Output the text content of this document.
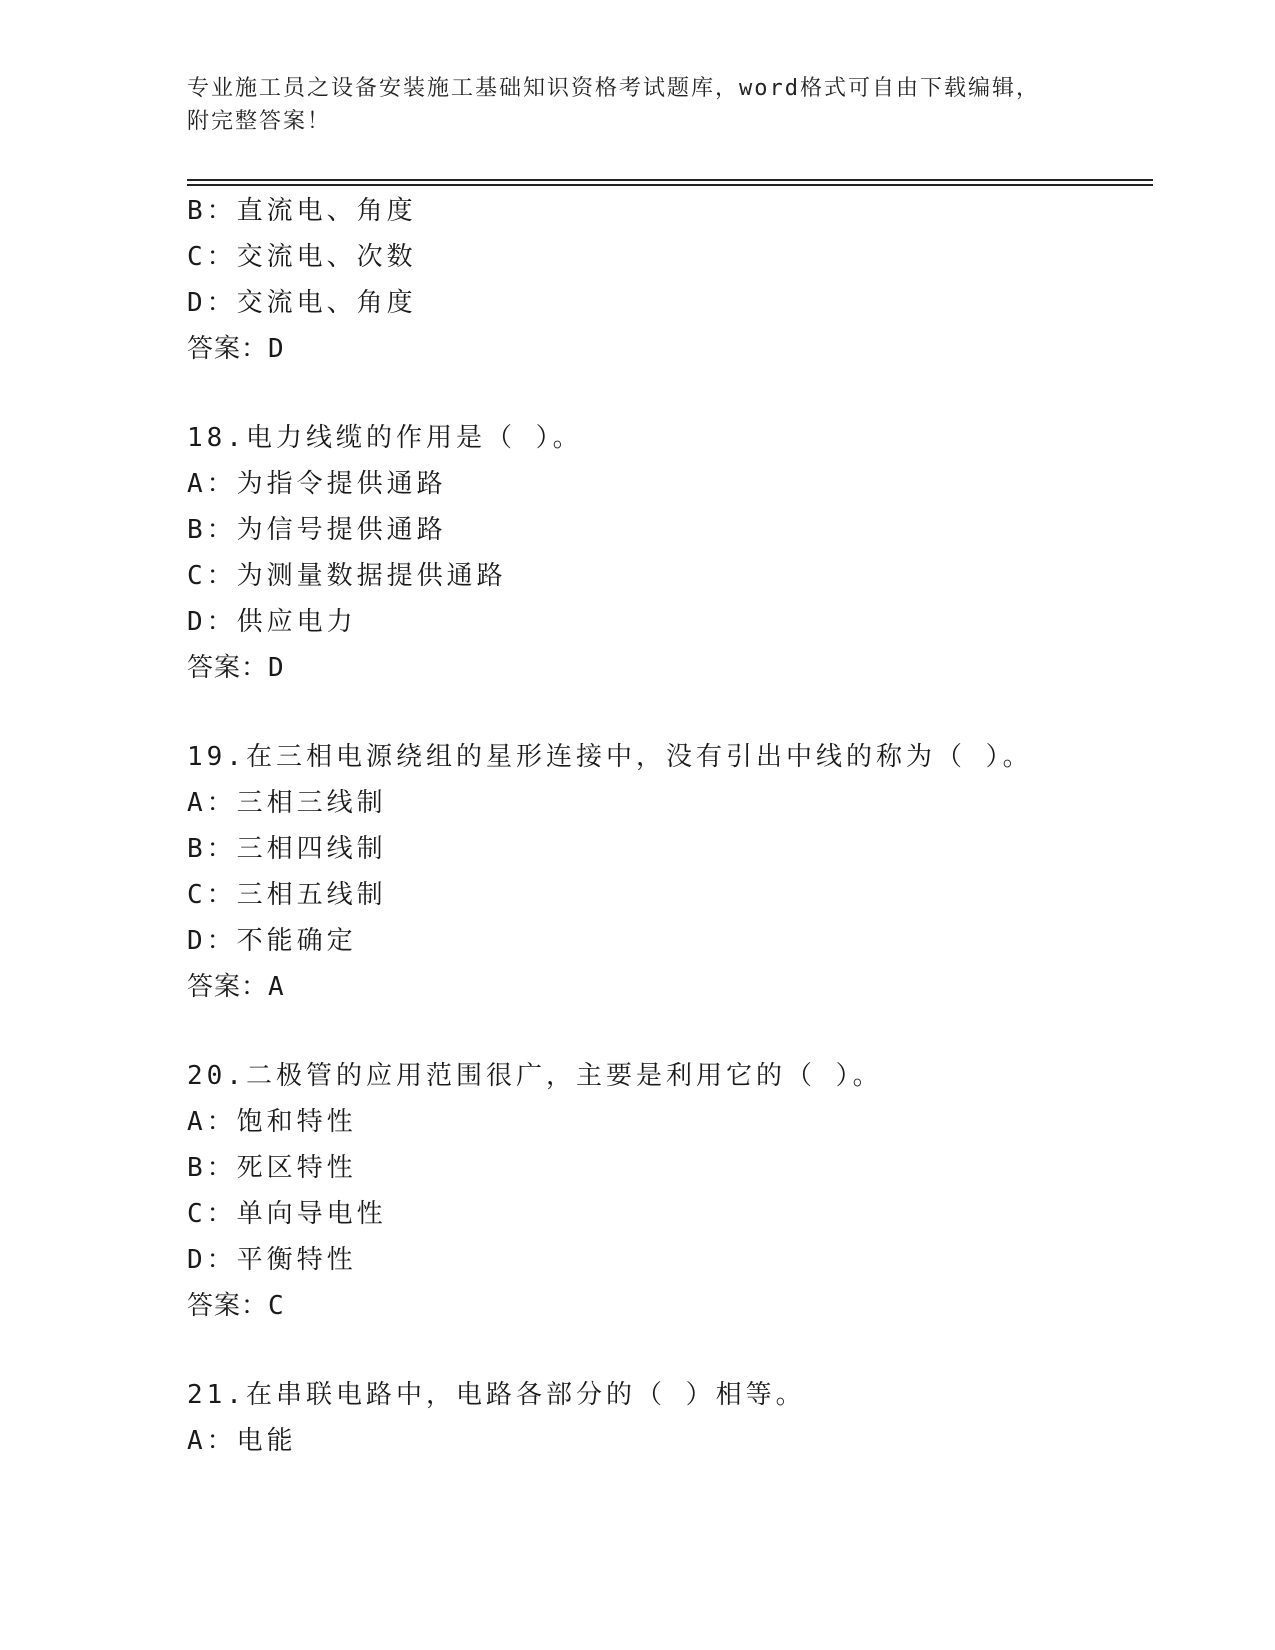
专业施工员之设备安装施工基础知识资格考试题库，word格式可自由下载编辑，
附完整答案！
B：直流电、角度
C：交流电、次数
D：交流电、角度
答案：D
18.电力线缆的作用是（ ）。
A：为指令提供通路
B：为信号提供通路
C：为测量数据提供通路
D：供应电力
答案：D
19.在三相电源绕组的星形连接中，没有引出中线的称为（ ）。
A：三相三线制
B：三相四线制
C：三相五线制
D：不能确定
答案：A
20.二极管的应用范围很广，主要是利用它的（ ）。
A：饱和特性
B：死区特性
C：单向导电性
D：平衡特性
答案：C
21.在串联电路中，电路各部分的（ ）相等。
A：电能
